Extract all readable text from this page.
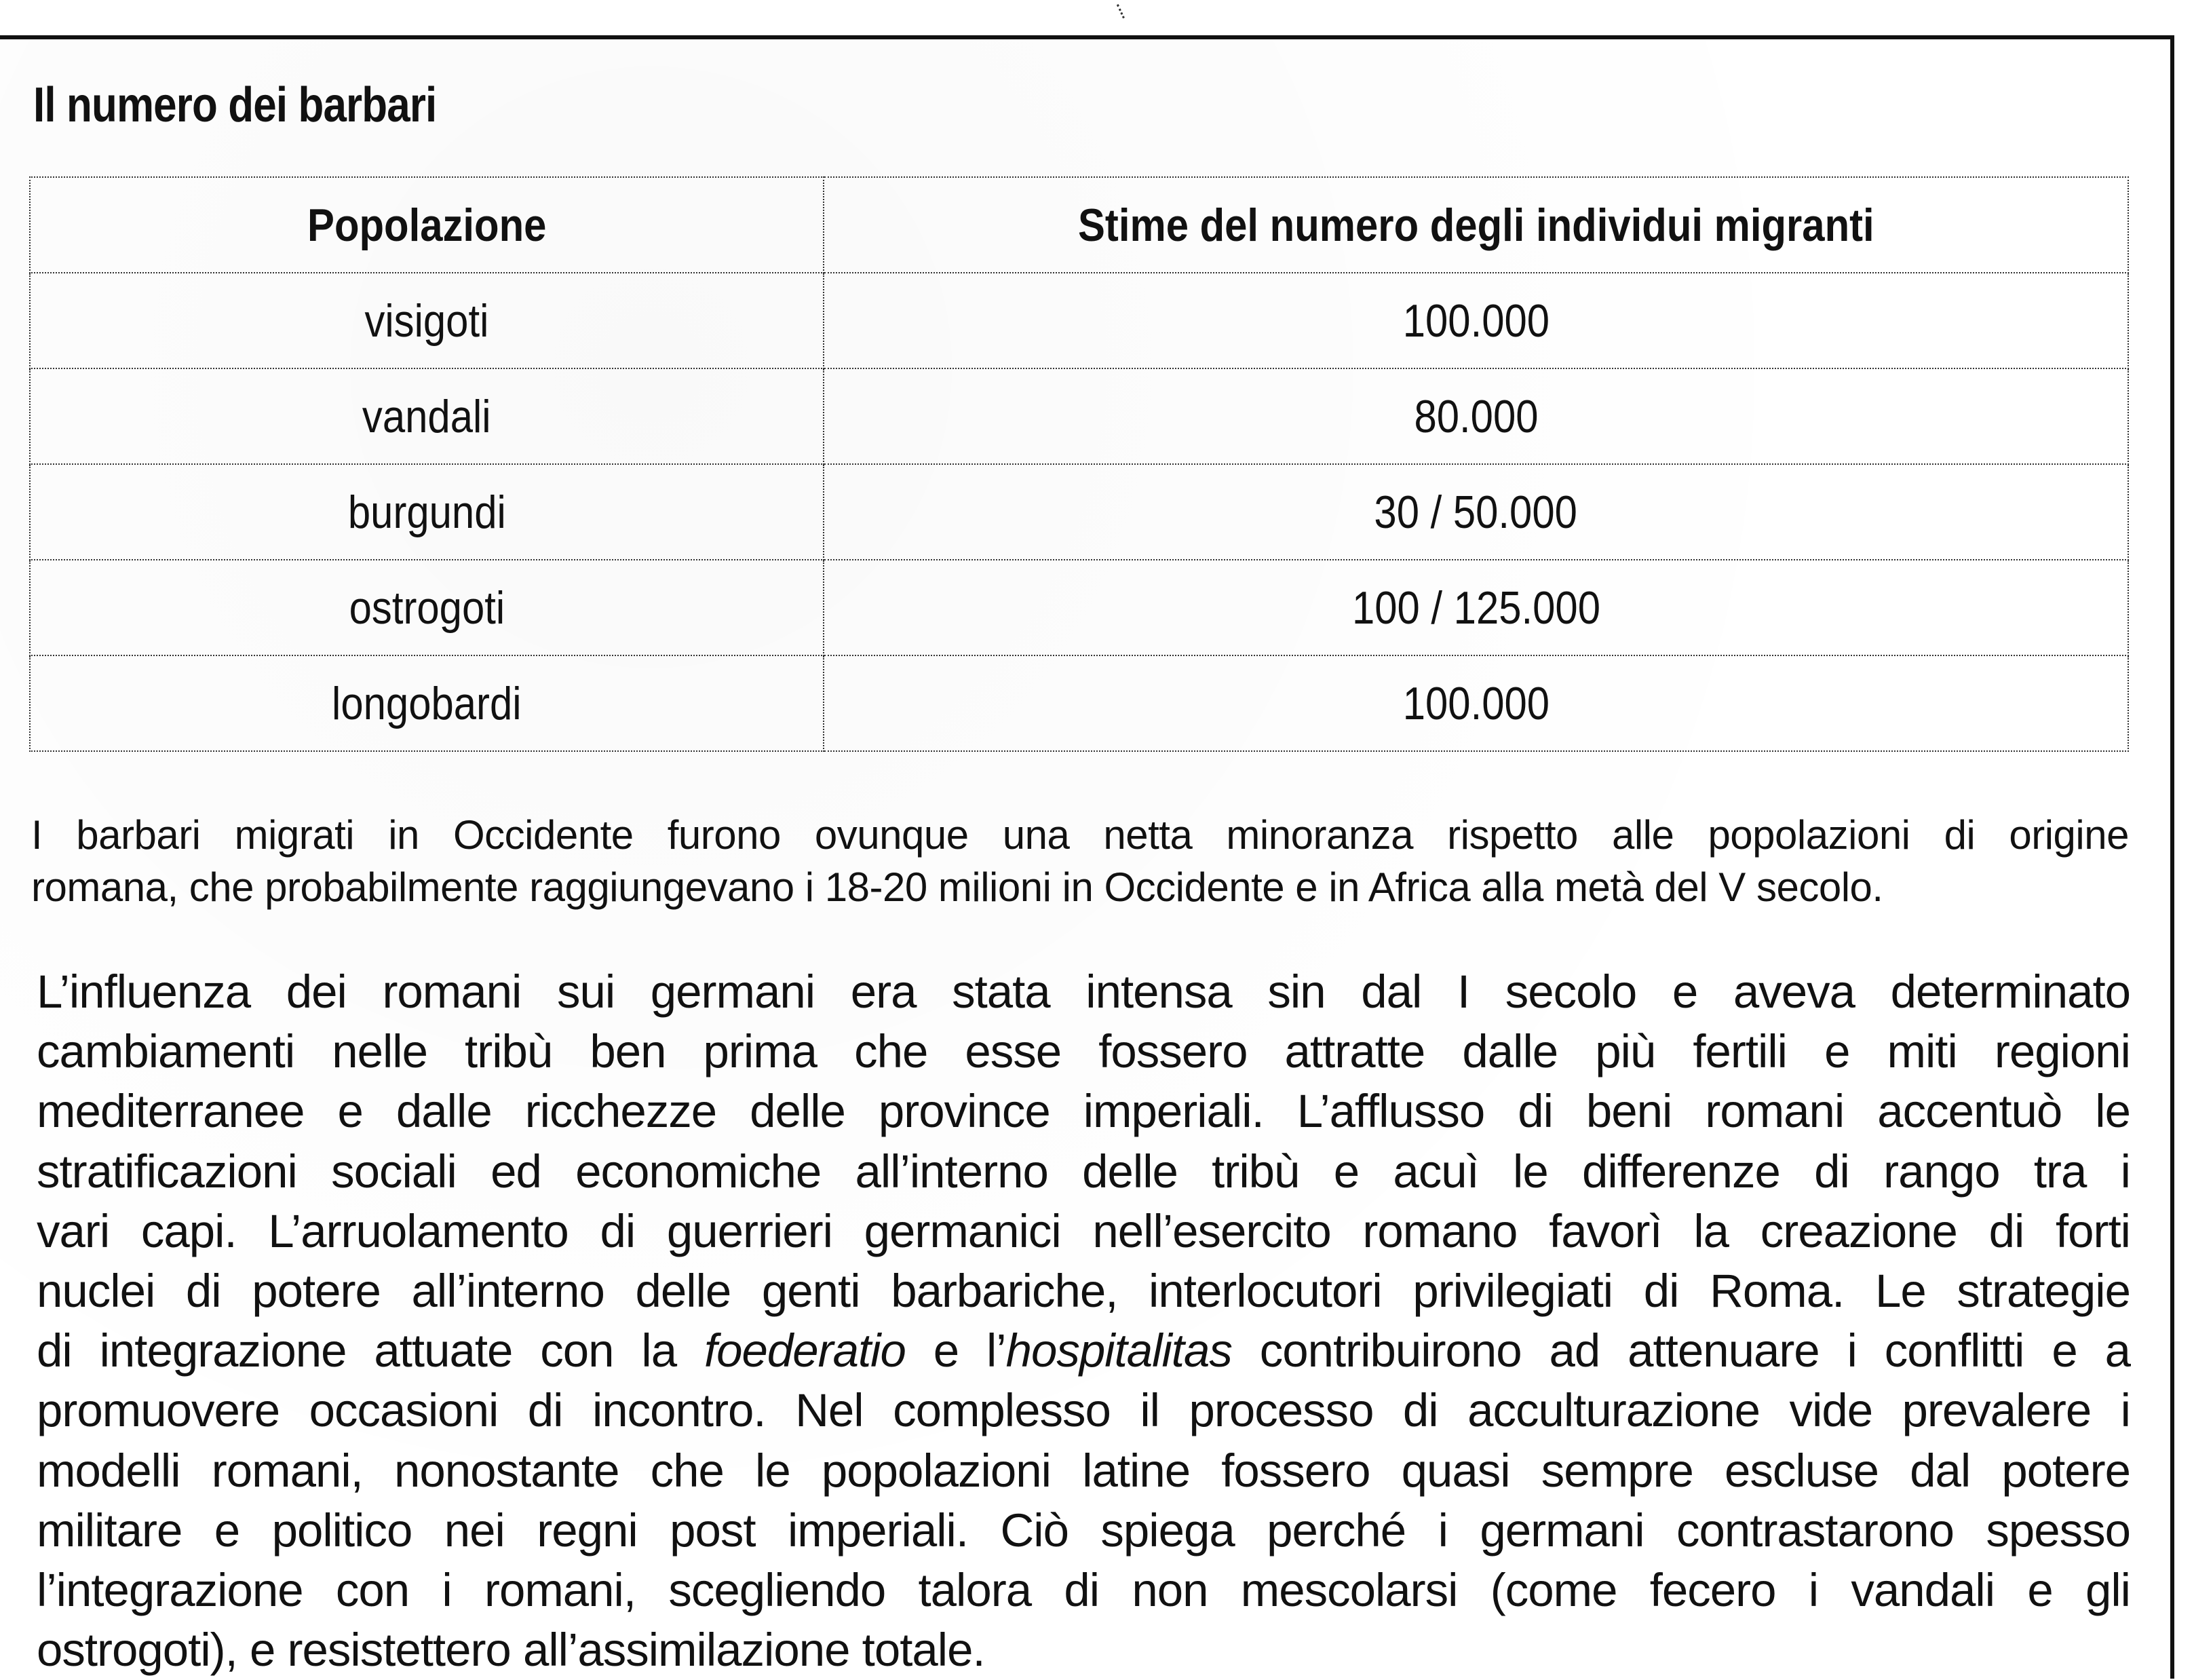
Il numero dei barbari
Popolazione	Stime del numero degli individui migranti
visigoti	100.000
vandali	80.000
burgundi	30 / 50.000
ostrogoti	100 / 125.000
longobardi	100.000

I barbari migrati in Occidente furono ovunque una netta minoranza rispetto alle popolazioni di origine
romana, che probabilmente raggiungevano i 18-20 milioni in Occidente e in Africa alla metà del V secolo.

L’influenza dei romani sui germani era stata intensa sin dal I secolo e aveva determinato
cambiamenti nelle tribù ben prima che esse fossero attratte dalle più fertili e miti regioni
mediterranee e dalle ricchezze delle province imperiali. L’afflusso di beni romani accentuò le
stratificazioni sociali ed economiche all’interno delle tribù e acuì le differenze di rango tra i
vari capi. L’arruolamento di guerrieri germanici nell’esercito romano favorì la creazione di forti
nuclei di potere all’interno delle genti barbariche, interlocutori privilegiati di Roma. Le strategie
di integrazione attuate con la foederatio e l’hospitalitas contribuirono ad attenuare i conflitti e a
promuovere occasioni di incontro. Nel complesso il processo di acculturazione vide prevalere i
modelli romani, nonostante che le popolazioni latine fossero quasi sempre escluse dal potere
militare e politico nei regni post imperiali. Ciò spiega perché i germani contrastarono spesso
l’integrazione con i romani, scegliendo talora di non mescolarsi (come fecero i vandali e gli
ostrogoti), e resistettero all’assimilazione totale.
